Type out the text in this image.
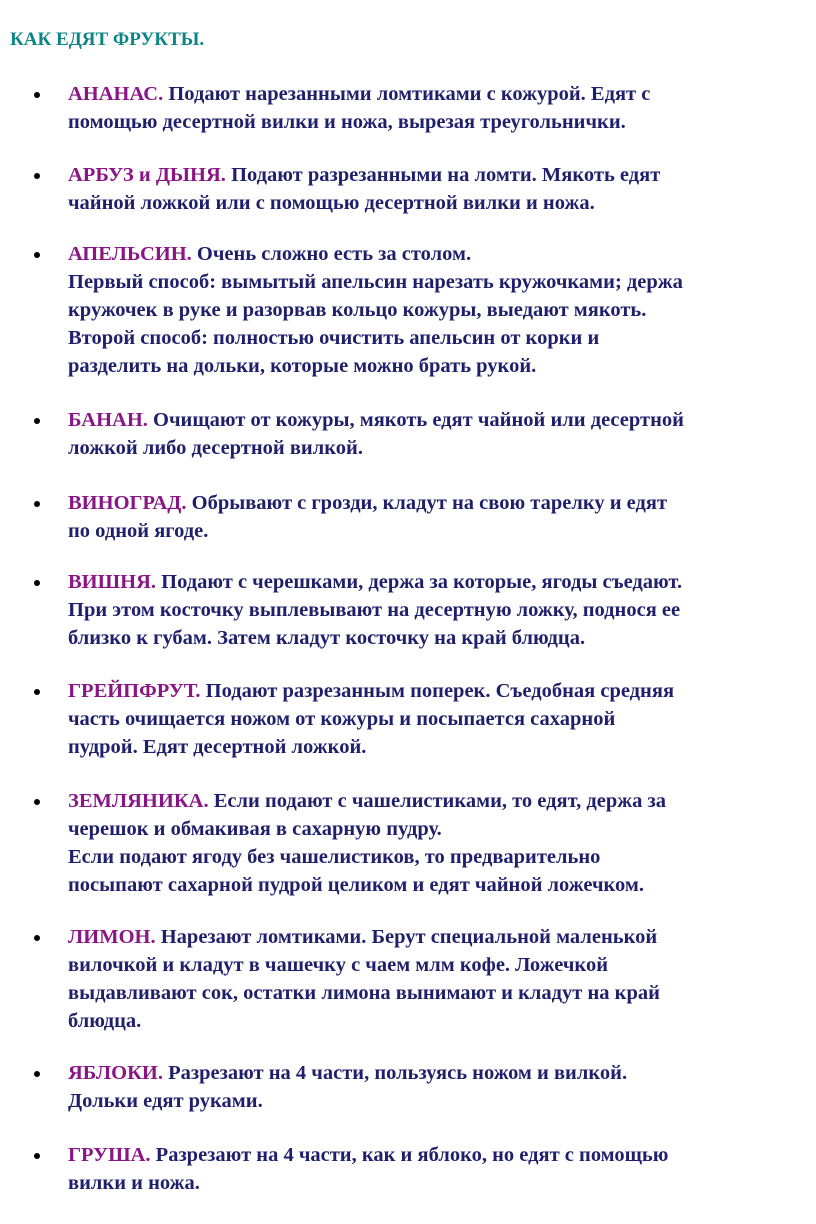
КАК ЕДЯТ ФРУКТЫ.
АНАНАС. Подают нарезанными ломтиками с кожурой. Едят с
помощью десертной вилки и ножа, вырезая треугольнички.
АРБУЗ и ДЫНЯ. Подают разрезанными на ломти. Мякоть едят
чайной ложкой или с помощью десертной вилки и ножа.
АПЕЛЬСИН. Очень сложно есть за столом.
Первый способ: вымытый апельсин нарезать кружочками; держа
кружочек в руке и разорвав кольцо кожуры, выедают мякоть.
Второй способ: полностью очистить апельсин от корки и
разделить на дольки, которые можно брать рукой.
БАНАН. Очищают от кожуры, мякоть едят чайной или десертной
ложкой либо десертной вилкой.
ВИНОГРАД. Обрывают с грозди, кладут на свою тарелку и едят
по одной ягоде.
ВИШНЯ. Подают с черешками, держа за которые, ягоды съедают.
При этом косточку выплевывают на десертную ложку, поднося ее
близко к губам. Затем кладут косточку на край блюдца.
ГРЕЙПФРУТ. Подают разрезанным поперек. Съедобная средняя
часть очищается ножом от кожуры и посыпается сахарной
пудрой. Едят десертной ложкой.
ЗЕМЛЯНИКА. Если подают с чашелистиками, то едят, держа за
черешок и обмакивая в сахарную пудру.
Если подают ягоду без чашелистиков, то предварительно
посыпают сахарной пудрой целиком и едят чайной ложечком.
ЛИМОН. Нарезают ломтиками. Берут специальной маленькой
вилочкой и кладут в чашечку с чаем млм кофе. Ложечкой
выдавливают сок, остатки лимона вынимают и кладут на край
блюдца.
ЯБЛОКИ. Разрезают на 4 части, пользуясь ножом и вилкой.
Дольки едят руками.
ГРУША. Разрезают на 4 части, как и яблоко, но едят с помощью
вилки и ножа.
